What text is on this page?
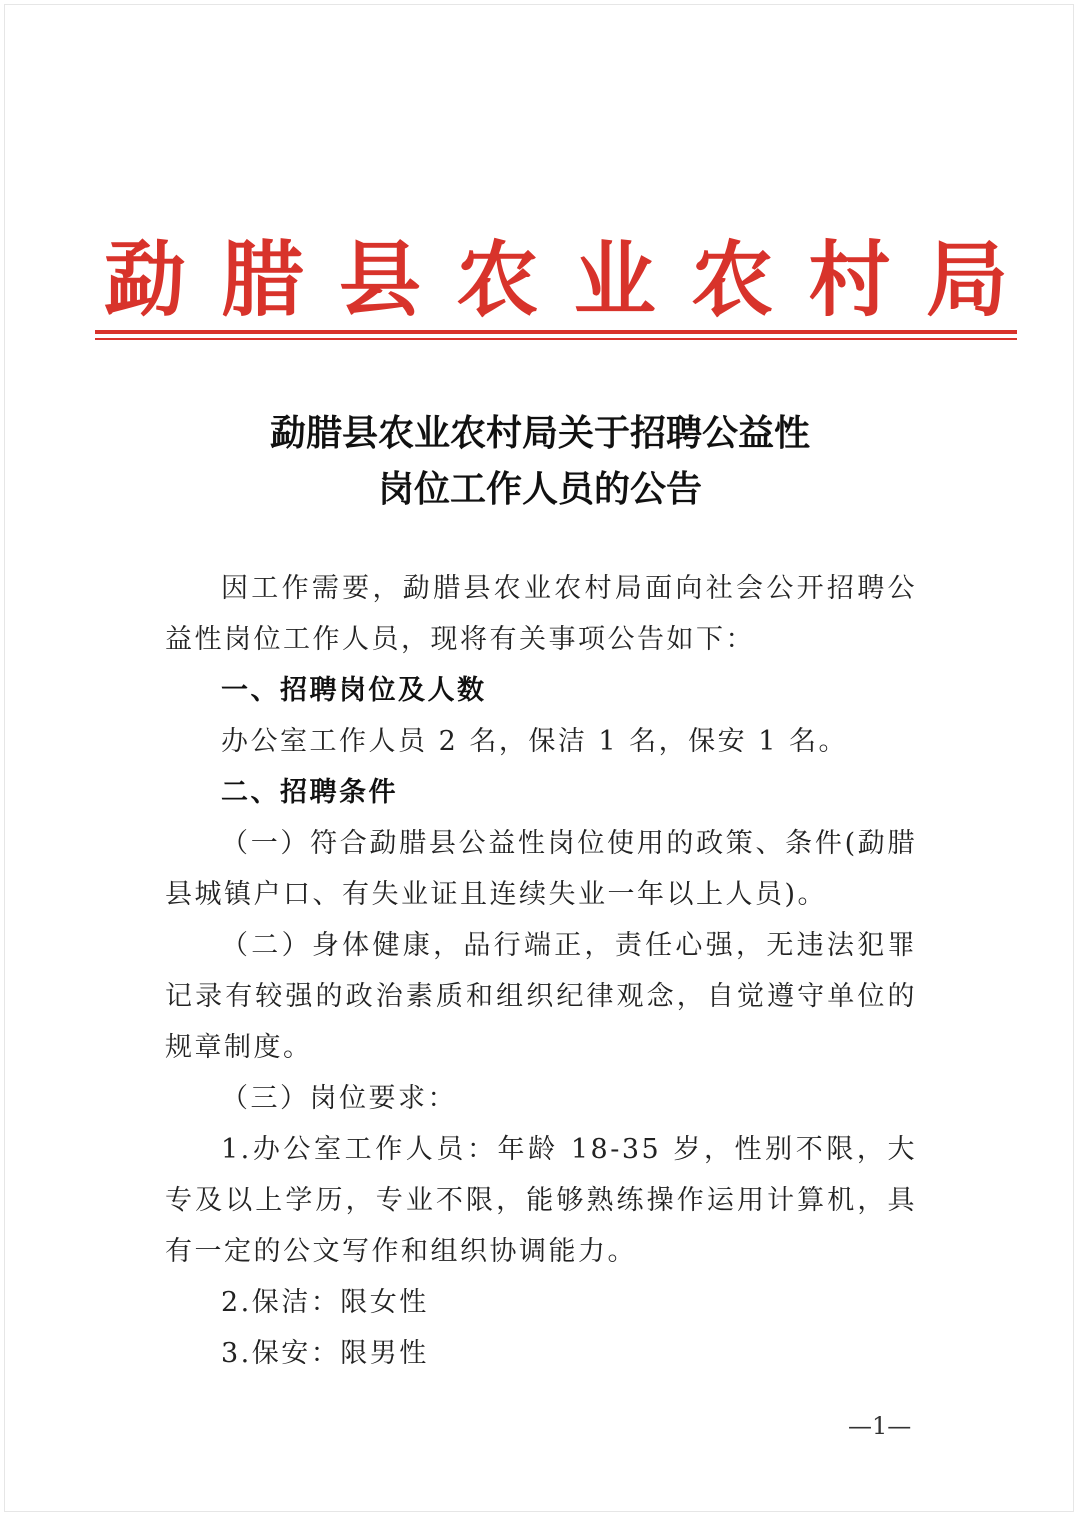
勐 腊 县 农 业 农 村 局
勐腊县农业农村局关于招聘公益性
岗位工作人员的公告

因工作需要，勐腊县农业农村局面向社会公开招聘公益性岗位工作人员，现将有关事项公告如下：

一、招聘岗位及人数

办公室工作人员 2 名，保洁 1 名，保安 1 名。

二、招聘条件

（一）符合勐腊县公益性岗位使用的政策、条件(勐腊县城镇户口、有失业证且连续失业一年以上人员)。

（二）身体健康，品行端正，责任心强，无违法犯罪记录有较强的政治素质和组织纪律观念，自觉遵守单位的规章制度。

（三）岗位要求：

1.办公室工作人员：年龄 18-35 岁，性别不限，大专及以上学历，专业不限，能够熟练操作运用计算机，具有一定的公文写作和组织协调能力。

2.保洁：限女性

3.保安：限男性

—1—
